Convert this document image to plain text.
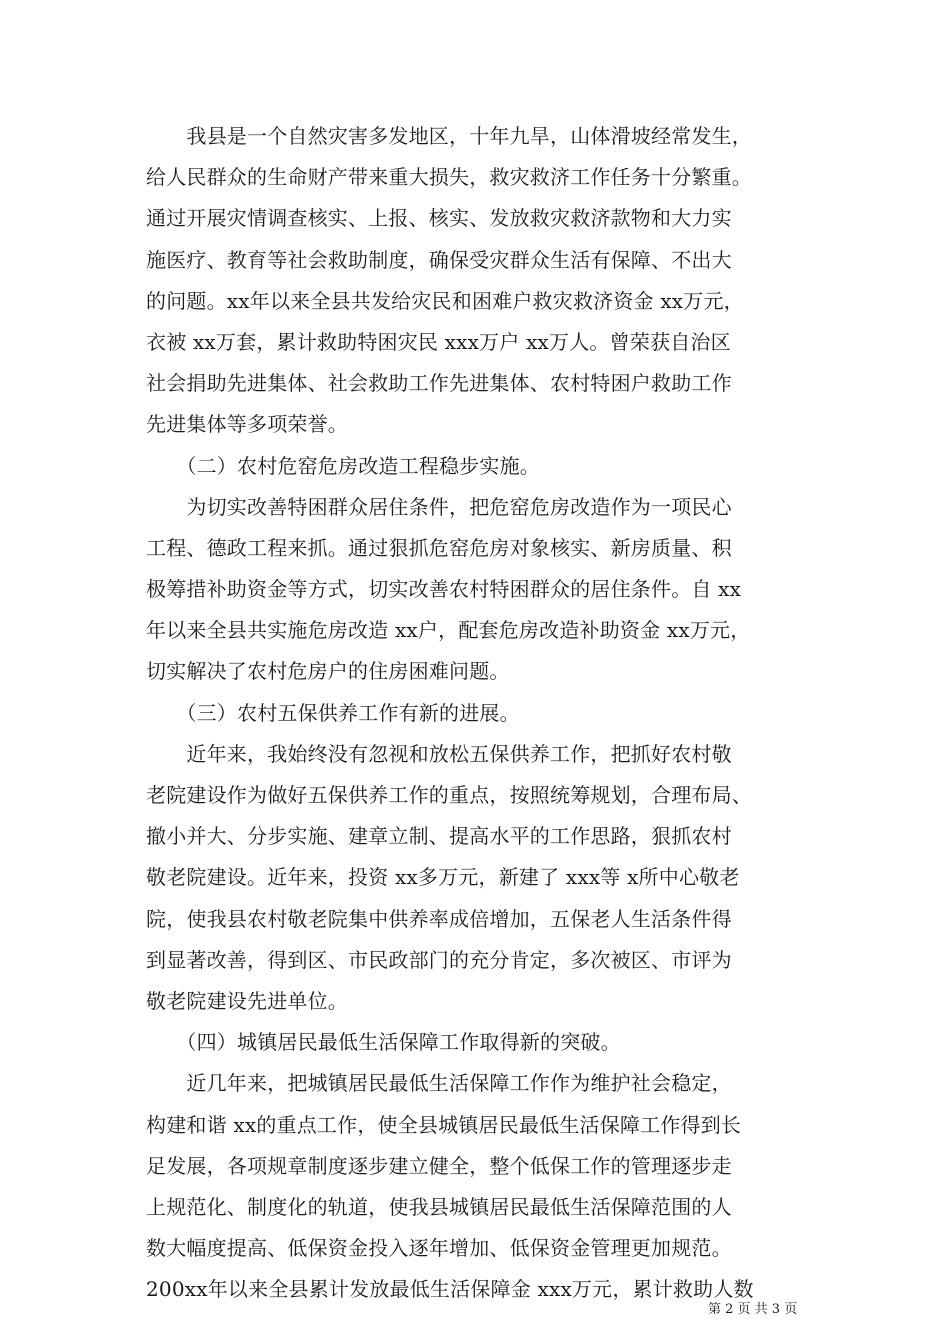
　　我县是一个自然灾害多发地区，十年九旱，山体滑坡经常发生，
给人民群众的生命财产带来重大损失，救灾救济工作任务十分繁重。
通过开展灾情调查核实、上报、核实、发放救灾救济款物和大力实
施医疗、教育等社会救助制度，确保受灾群众生活有保障、不出大
的问题。xx年以来全县共发给灾民和困难户救灾救济资金 xx万元，
衣被 xx万套，累计救助特困灾民 xxx万户 xx万人。曾荣获自治区
社会捐助先进集体、社会救助工作先进集体、农村特困户救助工作
先进集体等多项荣誉。
　　（二）农村危窑危房改造工程稳步实施。
　　为切实改善特困群众居住条件，把危窑危房改造作为一项民心
工程、德政工程来抓。通过狠抓危窑危房对象核实、新房质量、积
极筹措补助资金等方式，切实改善农村特困群众的居住条件。自 xx
年以来全县共实施危房改造 xx户，配套危房改造补助资金 xx万元，
切实解决了农村危房户的住房困难问题。
　　（三）农村五保供养工作有新的进展。
　　近年来，我始终没有忽视和放松五保供养工作，把抓好农村敬
老院建设作为做好五保供养工作的重点，按照统筹规划，合理布局、
撤小并大、分步实施、建章立制、提高水平的工作思路，狠抓农村
敬老院建设。近年来，投资 xx多万元，新建了 xxx等 x所中心敬老
院，使我县农村敬老院集中供养率成倍增加，五保老人生活条件得
到显著改善，得到区、市民政部门的充分肯定，多次被区、市评为
敬老院建设先进单位。
　　（四）城镇居民最低生活保障工作取得新的突破。
　　近几年来，把城镇居民最低生活保障工作作为维护社会稳定，
构建和谐 xx的重点工作，使全县城镇居民最低生活保障工作得到长
足发展，各项规章制度逐步建立健全，整个低保工作的管理逐步走
上规范化、制度化的轨道，使我县城镇居民最低生活保障范围的人
数大幅度提高、低保资金投入逐年增加、低保资金管理更加规范。
200xx年以来全县累计发放最低生活保障金 xxx万元，累计救助人数
第 2 页 共 3 页
